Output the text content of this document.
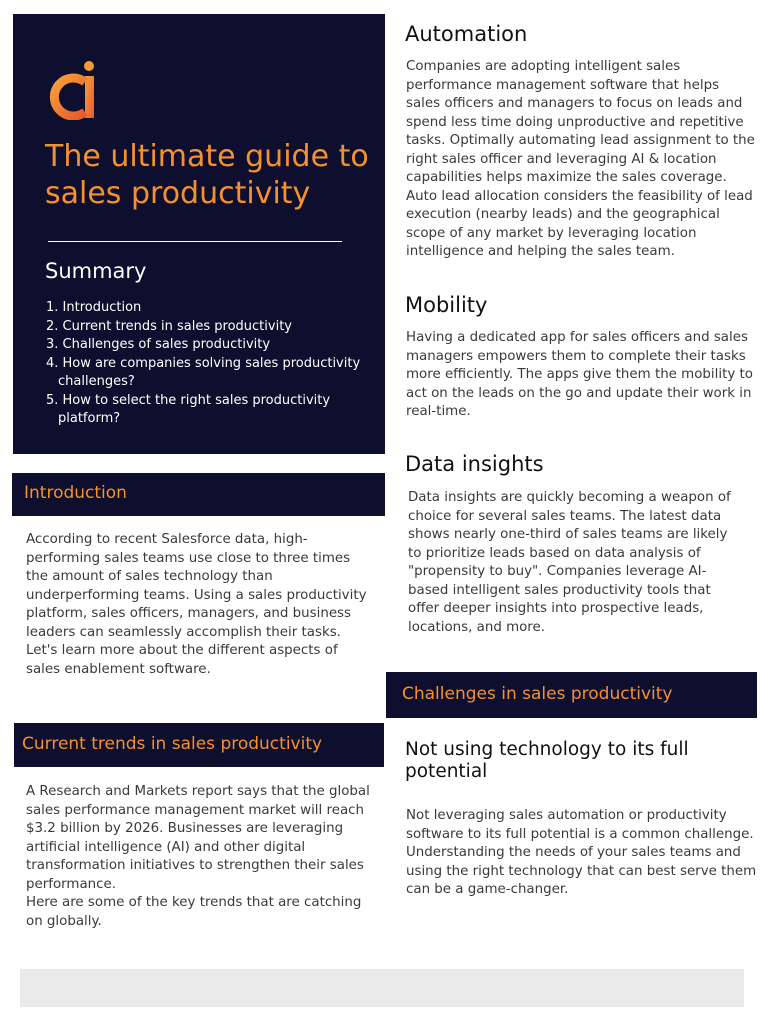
The ultimate guide to sales productivity
Summary
1. Introduction
2. Current trends in sales productivity
3. Challenges of sales productivity
4. How are companies solving sales productivity challenges?
5. How to select the right sales productivity platform?
Introduction

According to recent Salesforce data, high-performing sales teams use close to three times the amount of sales technology than underperforming teams. Using a sales productivity platform, sales officers, managers, and business leaders can seamlessly accomplish their tasks. Let's learn more about the different aspects of sales enablement software.

Current trends in sales productivity

A Research and Markets report says that the global sales performance management market will reach $3.2 billion by 2026. Businesses are leveraging artificial intelligence (AI) and other digital transformation initiatives to strengthen their sales performance.

Here are some of the key trends that are catching on globally.

Automation

Companies are adopting intelligent sales performance management software that helps sales officers and managers to focus on leads and spend less time doing unproductive and repetitive tasks. Optimally automating lead assignment to the right sales officer and leveraging AI & location capabilities helps maximize the sales coverage. Auto lead allocation considers the feasibility of lead execution (nearby leads) and the geographical scope of any market by leveraging location intelligence and helping the sales team.

Mobility

Having a dedicated app for sales officers and sales managers empowers them to complete their tasks more efficiently. The apps give them the mobility to act on the leads on the go and update their work in real-time.

Data insights

Data insights are quickly becoming a weapon of choice for several sales teams. The latest data shows nearly one-third of sales teams are likely to prioritize leads based on data analysis of "propensity to buy". Companies leverage AI-based intelligent sales productivity tools that offer deeper insights into prospective leads, locations, and more.

Challenges in sales productivity
Not using technology to its full potential

Not leveraging sales automation or productivity software to its full potential is a common challenge. Understanding the needs of your sales teams and using the right technology that can best serve them can be a game-changer.
